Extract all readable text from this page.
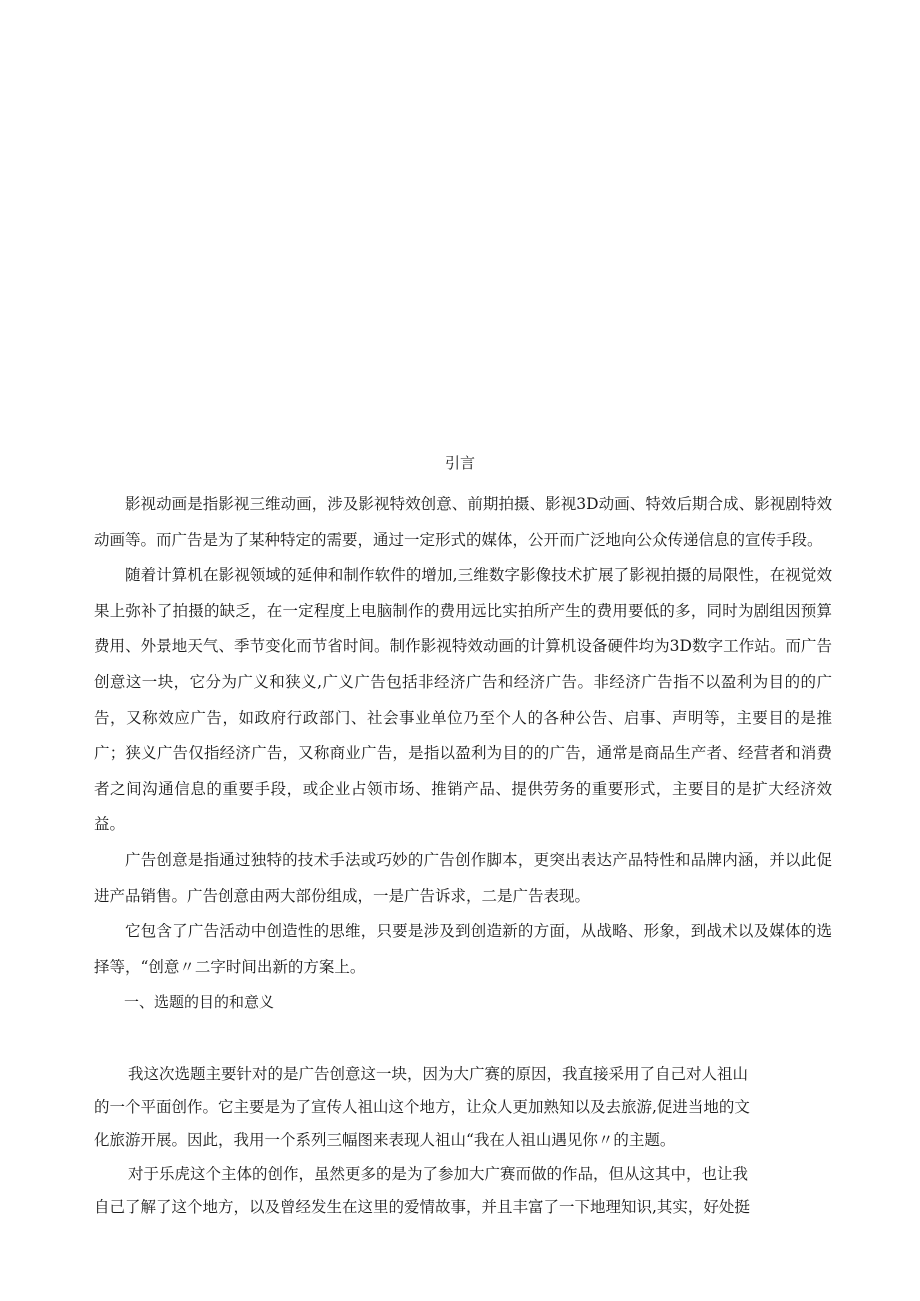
引言

影视动画是指影视三维动画，涉及影视特效创意、前期拍摄、影视3D动画、特效后期合成、影视剧特效动画等。而广告是为了某种特定的需要，通过一定形式的媒体，公开而广泛地向公众传递信息的宣传手段。

随着计算机在影视领域的延伸和制作软件的增加,三维数字影像技术扩展了影视拍摄的局限性，在视觉效果上弥补了拍摄的缺乏，在一定程度上电脑制作的费用远比实拍所产生的费用要低的多，同时为剧组因预算费用、外景地天气、季节变化而节省时间。制作影视特效动画的计算机设备硬件均为3D数字工作站。而广告创意这一块，它分为广义和狭义,广义广告包括非经济广告和经济广告。非经济广告指不以盈利为目的的广告，又称效应广告，如政府行政部门、社会事业单位乃至个人的各种公告、启事、声明等，主要目的是推广；狭义广告仅指经济广告，又称商业广告，是指以盈利为目的的广告，通常是商品生产者、经营者和消费者之间沟通信息的重要手段，或企业占领市场、推销产品、提供劳务的重要形式，主要目的是扩大经济效益。

广告创意是指通过独特的技术手法或巧妙的广告创作脚本，更突出表达产品特性和品牌内涵，并以此促进产品销售。广告创意由两大部份组成，一是广告诉求，二是广告表现。

它包含了广告活动中创造性的思维，只要是涉及到创造新的方面，从战略、形象，到战术以及媒体的选择等，“创意〃二字时间出新的方案上。

一、选题的目的和意义

我这次选题主要针对的是广告创意这一块，因为大广赛的原因，我直接采用了自己对人祖山

的一个平面创作。它主要是为了宣传人祖山这个地方，让众人更加熟知以及去旅游,促进当地的文

化旅游开展。因此，我用一个系列三幅图来表现人祖山“我在人祖山遇见你〃的主题。

对于乐虎这个主体的创作，虽然更多的是为了参加大广赛而做的作品，但从这其中，也让我

自己了解了这个地方，以及曾经发生在这里的爱情故事，并且丰富了一下地理知识,其实，好处挺
